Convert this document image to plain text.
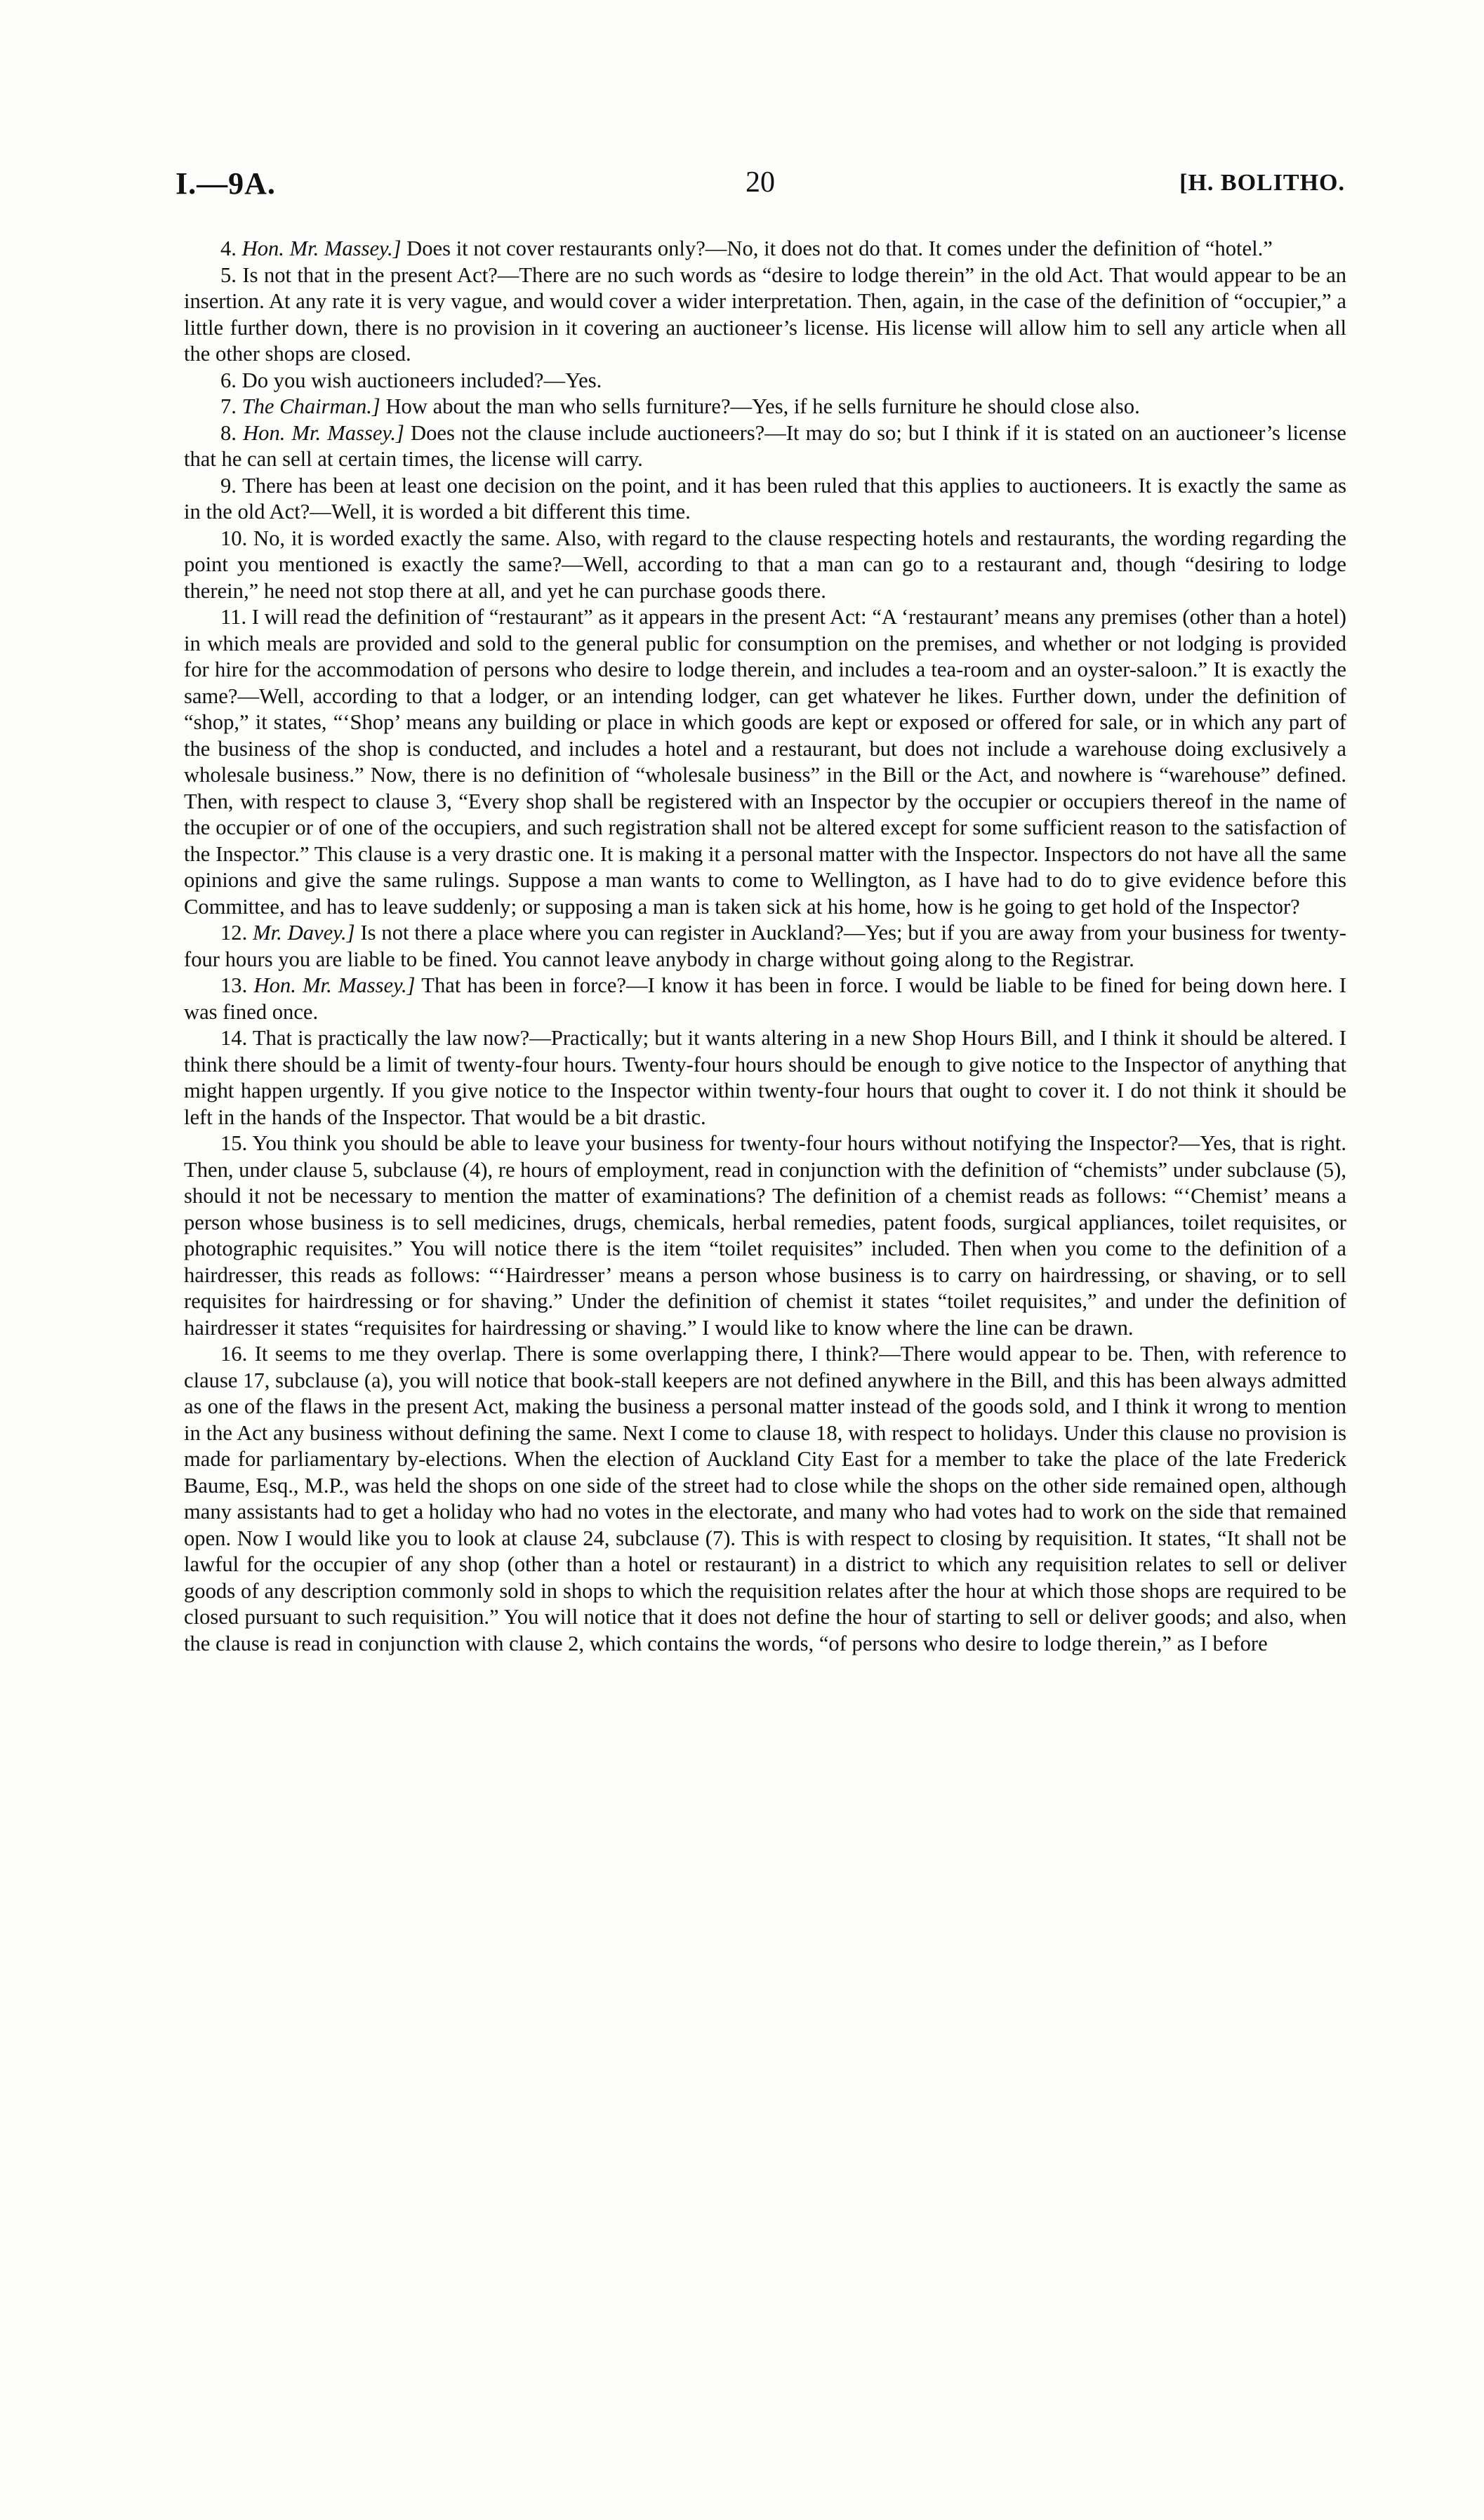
I.—9A.	20	[H. BOLITHO.

4. Hon. Mr. Massey.] Does it not cover restaurants only?—No, it does not do that. It comes under the definition of “hotel.”

5. Is not that in the present Act?—There are no such words as “desire to lodge therein” in the old Act. That would appear to be an insertion. At any rate it is very vague, and would cover a wider interpretation. Then, again, in the case of the definition of “occupier,” a little further down, there is no provision in it covering an auctioneer’s license. His license will allow him to sell any article when all the other shops are closed.

6. Do you wish auctioneers included?—Yes.

7. The Chairman.] How about the man who sells furniture?—Yes, if he sells furniture he should close also.

8. Hon. Mr. Massey.] Does not the clause include auctioneers?—It may do so; but I think if it is stated on an auctioneer’s license that he can sell at certain times, the license will carry.

9. There has been at least one decision on the point, and it has been ruled that this applies to auctioneers. It is exactly the same as in the old Act?—Well, it is worded a bit different this time.

10. No, it is worded exactly the same. Also, with regard to the clause respecting hotels and restaurants, the wording regarding the point you mentioned is exactly the same?—Well, according to that a man can go to a restaurant and, though “desiring to lodge therein,” he need not stop there at all, and yet he can purchase goods there.

11. I will read the definition of “restaurant” as it appears in the present Act: “A ‘restaurant’ means any premises (other than a hotel) in which meals are provided and sold to the general public for consumption on the premises, and whether or not lodging is provided for hire for the accommodation of persons who desire to lodge therein, and includes a tea-room and an oyster-saloon.” It is exactly the same?—Well, according to that a lodger, or an intending lodger, can get whatever he likes. Further down, under the definition of “shop,” it states, “‘Shop’ means any building or place in which goods are kept or exposed or offered for sale, or in which any part of the business of the shop is conducted, and includes a hotel and a restaurant, but does not include a warehouse doing exclusively a wholesale business.” Now, there is no definition of “wholesale business” in the Bill or the Act, and nowhere is “warehouse” defined. Then, with respect to clause 3, “Every shop shall be registered with an Inspector by the occupier or occupiers thereof in the name of the occupier or of one of the occupiers, and such registration shall not be altered except for some sufficient reason to the satisfaction of the Inspector.” This clause is a very drastic one. It is making it a personal matter with the Inspector. Inspectors do not have all the same opinions and give the same rulings. Suppose a man wants to come to Wellington, as I have had to do to give evidence before this Committee, and has to leave suddenly; or supposing a man is taken sick at his home, how is he going to get hold of the Inspector?

12. Mr. Davey.] Is not there a place where you can register in Auckland?—Yes; but if you are away from your business for twenty-four hours you are liable to be fined. You cannot leave anybody in charge without going along to the Registrar.

13. Hon. Mr. Massey.] That has been in force?—I know it has been in force. I would be liable to be fined for being down here. I was fined once.

14. That is practically the law now?—Practically; but it wants altering in a new Shop Hours Bill, and I think it should be altered. I think there should be a limit of twenty-four hours. Twenty-four hours should be enough to give notice to the Inspector of anything that might happen urgently. If you give notice to the Inspector within twenty-four hours that ought to cover it. I do not think it should be left in the hands of the Inspector. That would be a bit drastic.

15. You think you should be able to leave your business for twenty-four hours without notifying the Inspector?—Yes, that is right. Then, under clause 5, subclause (4), re hours of employment, read in conjunction with the definition of “chemists” under subclause (5), should it not be necessary to mention the matter of examinations? The definition of a chemist reads as follows: “‘Chemist’ means a person whose business is to sell medicines, drugs, chemicals, herbal remedies, patent foods, surgical appliances, toilet requisites, or photographic requisites.” You will notice there is the item “toilet requisites” included. Then when you come to the definition of a hairdresser, this reads as follows: “‘Hairdresser’ means a person whose business is to carry on hairdressing, or shaving, or to sell requisites for hairdressing or for shaving.” Under the definition of chemist it states “toilet requisites,” and under the definition of hairdresser it states “requisites for hairdressing or shaving.” I would like to know where the line can be drawn.

16. It seems to me they overlap. There is some overlapping there, I think?—There would appear to be. Then, with reference to clause 17, subclause (a), you will notice that book-stall keepers are not defined anywhere in the Bill, and this has been always admitted as one of the flaws in the present Act, making the business a personal matter instead of the goods sold, and I think it wrong to mention in the Act any business without defining the same. Next I come to clause 18, with respect to holidays. Under this clause no provision is made for parliamentary by-elections. When the election of Auckland City East for a member to take the place of the late Frederick Baume, Esq., M.P., was held the shops on one side of the street had to close while the shops on the other side remained open, although many assistants had to get a holiday who had no votes in the electorate, and many who had votes had to work on the side that remained open. Now I would like you to look at clause 24, subclause (7). This is with respect to closing by requisition. It states, “It shall not be lawful for the occupier of any shop (other than a hotel or restaurant) in a district to which any requisition relates to sell or deliver goods of any description commonly sold in shops to which the requisition relates after the hour at which those shops are required to be closed pursuant to such requisition.” You will notice that it does not define the hour of starting to sell or deliver goods; and also, when the clause is read in conjunction with clause 2, which contains the words, “of persons who desire to lodge therein,” as I before
